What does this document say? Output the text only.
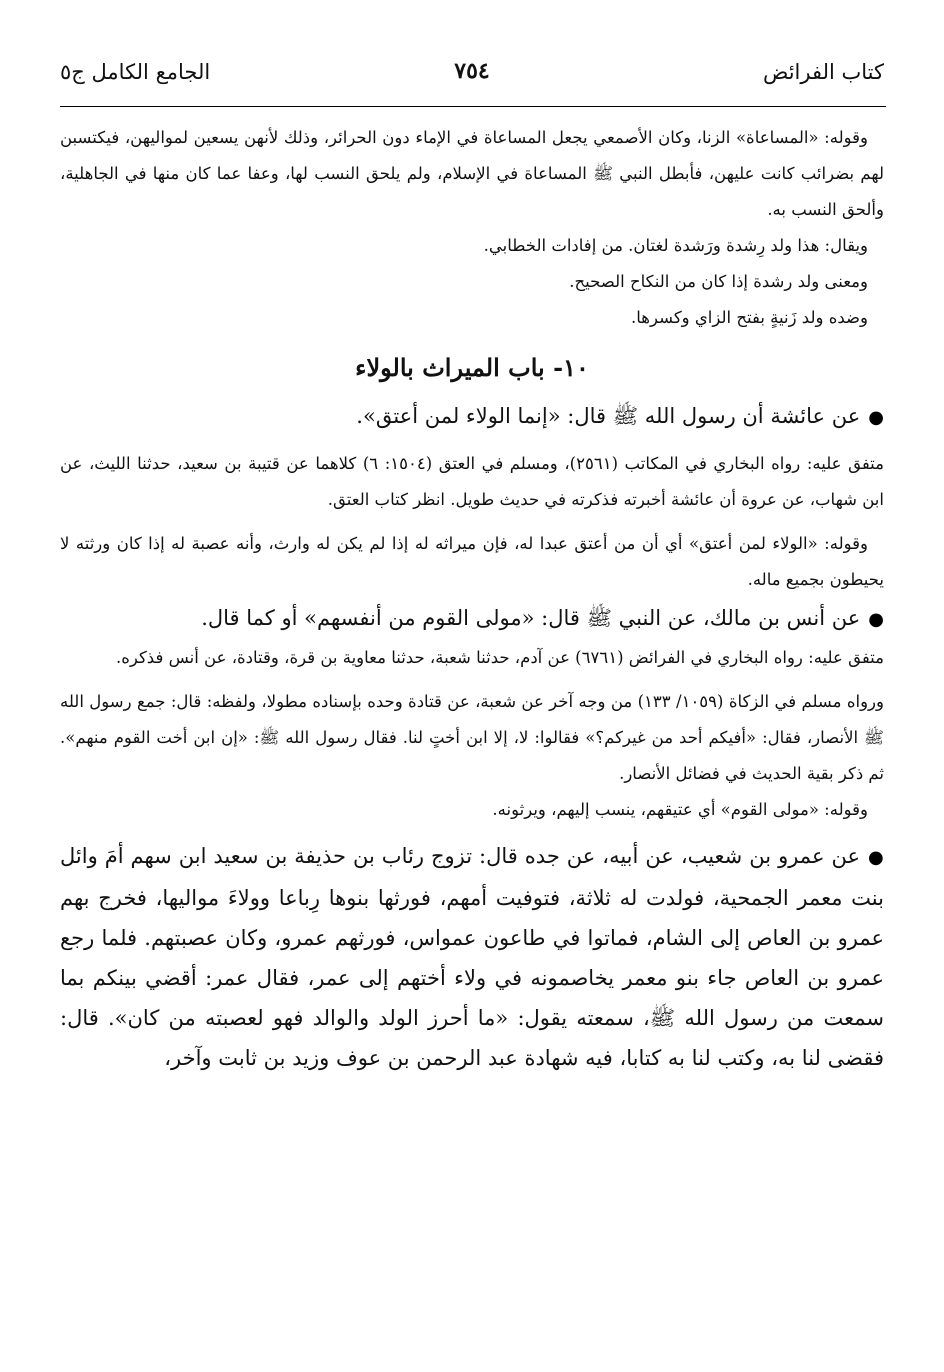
كتاب الفرائض
٧٥٤
الجامع الكامل ج٥

وقوله: «المساعاة» الزنا، وكان الأصمعي يجعل المساعاة في الإماء دون الحرائر، وذلك لأنهن يسعين لمواليهن، فيكتسبن لهم بضرائب كانت عليهن، فأبطل النبي ﷺ المساعاة في الإسلام، ولم يلحق النسب لها، وعفا عما كان منها في الجاهلية، وألحق النسب به.

ويقال: هذا ولد رِشدة ورَشدة لغتان. من إفادات الخطابي.

ومعنى ولد رشدة إذا كان من النكاح الصحيح.

وضده ولد زَنيةٍ بفتح الزاي وكسرها.

١٠- باب الميراث بالولاء

●عن عائشة أن رسول الله ﷺ قال: «إنما الولاء لمن أعتق».

متفق عليه: رواه البخاري في المكاتب (٢٥٦١)، ومسلم في العتق (١٥٠٤: ٦) كلاهما عن قتيبة بن سعيد، حدثنا الليث، عن ابن شهاب، عن عروة أن عائشة أخبرته فذكرته في حديث طويل. انظر كتاب العتق.

وقوله: «الولاء لمن أعتق» أي أن من أعتق عبدا له، فإن ميراثه له إذا لم يكن له وارث، وأنه عصبة له إذا كان ورثته لا يحيطون بجميع ماله.

●عن أنس بن مالك، عن النبي ﷺ قال: «مولى القوم من أنفسهم» أو كما قال.

متفق عليه: رواه البخاري في الفرائض (٦٧٦١) عن آدم، حدثنا شعبة، حدثنا معاوية بن قرة، وقتادة، عن أنس فذكره.

ورواه مسلم في الزكاة (١٠٥٩/ ١٣٣) من وجه آخر عن شعبة، عن قتادة وحده بإسناده مطولا، ولفظه: قال: جمع رسول الله ﷺ الأنصار، فقال: «أفيكم أحد من غيركم؟» فقالوا: لا، إلا ابن أختٍ لنا. فقال رسول الله ﷺ: «إن ابن أخت القوم منهم». ثم ذكر بقية الحديث في فضائل الأنصار.

وقوله: «مولى القوم» أي عتيقهم، ينسب إليهم، ويرثونه.

●عن عمرو بن شعيب، عن أبيه، عن جده قال: تزوج رئاب بن حذيفة بن سعيد ابن سهم أمَ وائل بنت معمر الجمحية، فولدت له ثلاثة، فتوفيت أمهم، فورثها بنوها رِباعا وولاءَ مواليها، فخرج بهم عمرو بن العاص إلى الشام، فماتوا في طاعون عمواس، فورثهم عمرو، وكان عصبتهم. فلما رجع عمرو بن العاص جاء بنو معمر يخاصمونه في ولاء أختهم إلى عمر، فقال عمر: أقضي بينكم بما سمعت من رسول الله ﷺ، سمعته يقول: «ما أحرز الولد والوالد فهو لعصبته من كان». قال: فقضى لنا به، وكتب لنا به كتابا، فيه شهادة عبد الرحمن بن عوف وزيد بن ثابت وآخر،
